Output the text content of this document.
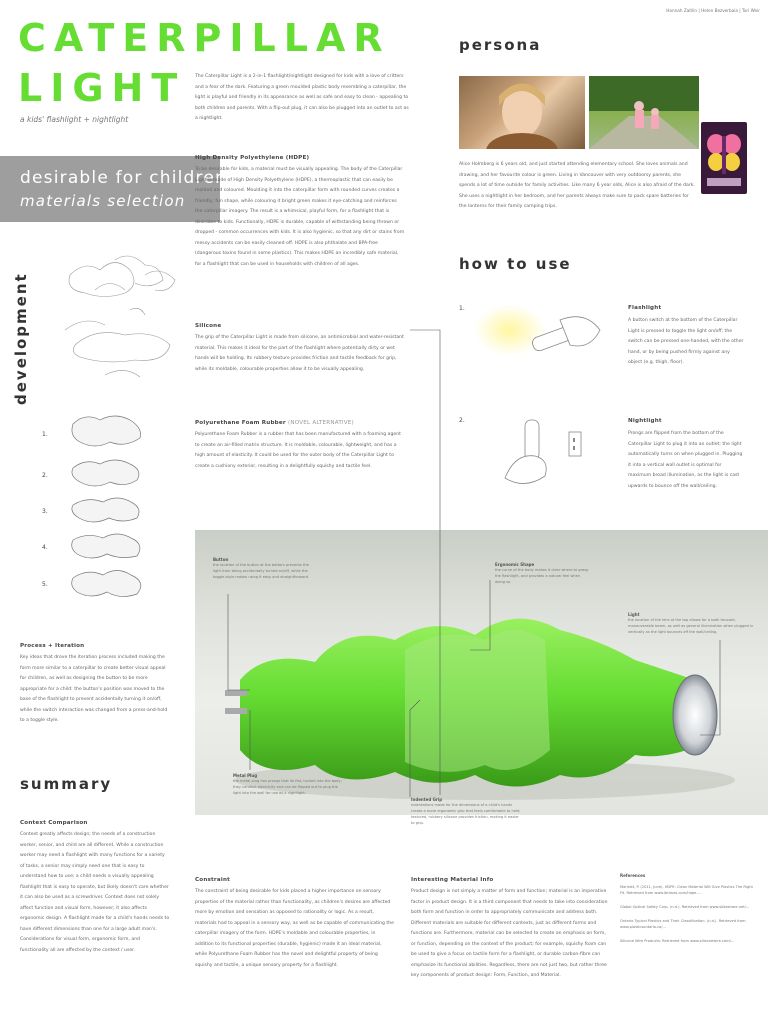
Hannah Zaitlin | Helen Bezverbaia | Tori Weir
CATERPILLAR
LIGHT
a kids' flashlight + nightlight
The Caterpillar Light is a 2-in-1 flashlight/nightlight designed for kids with a love of critters and a fear of the dark. Featuring a green moulded plastic body resembling a caterpillar, the light is playful and friendly in its appearance as well as safe and easy to clean - appealing to both children and parents. With a flip-out plug, it can also be plugged into an outlet to act as a nightlight.
desirable for children
materials selection
High Density Polyethylene (HDPE)
To be desirable for kids, a material must be visually appealing. The body of the Caterpillar Light is made of High Density Polyethylene (HDPE), a thermoplastic that can easily be molded and coloured. Moulding it into the caterpillar form with rounded curves creates a friendly, fun shape, while colouring it bright green makes it eye-catching and reinforces the caterpillar imagery. The result is a whimsical, playful form, for a flashlight that is desirable to kids. Functionally, HDPE is durable, capable of withstanding being thrown or dropped - common occurrences with kids. It is also hygienic, so that any dirt or stains from messy accidents can be easily cleaned off. HDPE is also phthalate and BPA-free (dangerous toxins found in some plastics). This makes HDPE an incredibly safe material, for a flashlight that can be used in households with children of all ages.
Silicone
The grip of the Caterpillar Light is made from silicone, an antimicrobial and water-resistant material. This makes it ideal for the part of the flashlight where potentially dirty or wet hands will be holding. Its rubbery texture provides friction and tactile feedback for grip, while its moldable, colourable properties allow it to be visually appealing.
Polyurethane Foam Rubber (NOVEL ALTERNATIVE)
Polyurethane Foam Rubber is a rubber that has been manufactured with a foaming agent to create an air-filled matrix structure. It is moldable, colourable, lightweight, and has a high amount of elasticity. It could be used for the outer body of the Caterpillar Light to create a cushiony exterior, resulting in a delightfully squishy and tactile feel.
persona
Alice Holmberg is 6 years old, and just started attending elementary school. She loves animals and drawing, and her favourite colour is green. Living in Vancouver with very outdoorsy parents, she spends a lot of time outside for family activities. Like many 6 year olds, Alice is also afraid of the dark. She uses a nightlight in her bedroom, and her parents always make sure to pack spare batteries for the lanterns for their family camping trips.
how to use
1.	Flashlight
A button switch at the bottom of the Caterpillar Light is pressed to toggle the light on/off; the switch can be pressed one-handed, with the other hand, or by being pushed firmly against any object (e.g. thigh, floor).
2.	Nightlight
Prongs are flipped from the bottom of the Caterpillar Light to plug it into an outlet; the light automatically turns on when plugged in. Plugging it into a vertical wall outlet is optimal for maximum broad illumination, as the light is cast upwards to bounce off the wall/ceiling.
development
1.
2.
3.
4.
5.
Process + Iteration
Key ideas that drove the iteration process included making the form more similar to a caterpillar to create better visual appeal for children, as well as designing the button to be more appropriate for a child: the button's position was moved to the base of the flashlight to prevent accidentally turning it on/off, while the switch interaction was changed from a press-and-hold to a toggle style.
Button
the location of the button at the bottom prevents the light from being accidentally turned on/off, while the toggle-style makes using it easy and straightforward.
Ergonomic Shape
the curve of the body makes it clear where to grasp the flashlight, and provides a natural feel when doing so.
Light
the location of the lens at the top allows for a both focused, maneuverable beam, as well as general illumination when plugged in vertically as the light bounces off the wall/ceiling.
Metal Plug
the metal plug has prongs that lie flat, tucked into the body; they conduct electricity and can be flipped out to plug the light into the wall for use as a nightlight.
Indented Grip
indentations made for the dimensions of a child's hands create a more ergonomic grip that feels comfortable to hold; textured, rubbery silicone provides friction, making it easier to grip.
summary
Context Comparison
Context greatly affects design; the needs of a construction worker, senior, and child are all different. While a construction worker may need a flashlight with many functions for a variety of tasks, a senior may simply need one that is easy to understand how to use; a child needs a visually appealing flashlight that is easy to operate, but likely doesn't care whether it can also be used as a screwdriver. Context does not solely affect function and visual form, however; it also affects ergonomic design. A flashlight made for a child's hands needs to have different dimensions than one for a large adult man's. Considerations for visual form, ergonomic form, and functionality all are affected by the context / user.
Constraint
The constraint of being desirable for kids placed a higher importance on sensory properties of the material rather than functionality, as children's desires are affected more by emotion and sensation as opposed to rationality or logic. As a result, materials had to appeal in a sensory way, as well as be capable of communicating the caterpillar imagery of the form. HDPE's moldable and colourable properties, in addition to its functional properties (durable, hygienic) made it an ideal material, while Polyurethane Foam Rubber has the novel and delightful property of being squishy and tactile, a unique sensory property for a flashlight.
Interesting Material Info
Product design is not simply a matter of form and function; material is an imperative factor in product design. It is a third component that needs to take into consideration both form and function in order to appropriately communicate and address both. Different materials are suitable for different contexts, just as different forms and functions are. Furthermore, material can be selected to create an emphasis on form, or function, depending on the context of the product; for example, squishy foam can be used to give a focus on tactile form for a flashlight, or durable carbon-fibre can emphasize its functional abilities. Regardless, there are not just two, but rather three key components of product design: Form, Function, and Material.
References
Marriott, P. (2011, June). HDPE: Clean Material Will Give Plastics The Right Fit. Retrieved from www.ibtimes.com/hdpe-...
Global Optical Safety Corp. (n.d.). Retrieved from www.slideshare.net/...
Ontario Typical Plastics and Their Classification. (n.d.). Retrieved from www.plasticsontario.ca/...
Silicone Wire Products: Retrieved from www.siliconewire.com/...
